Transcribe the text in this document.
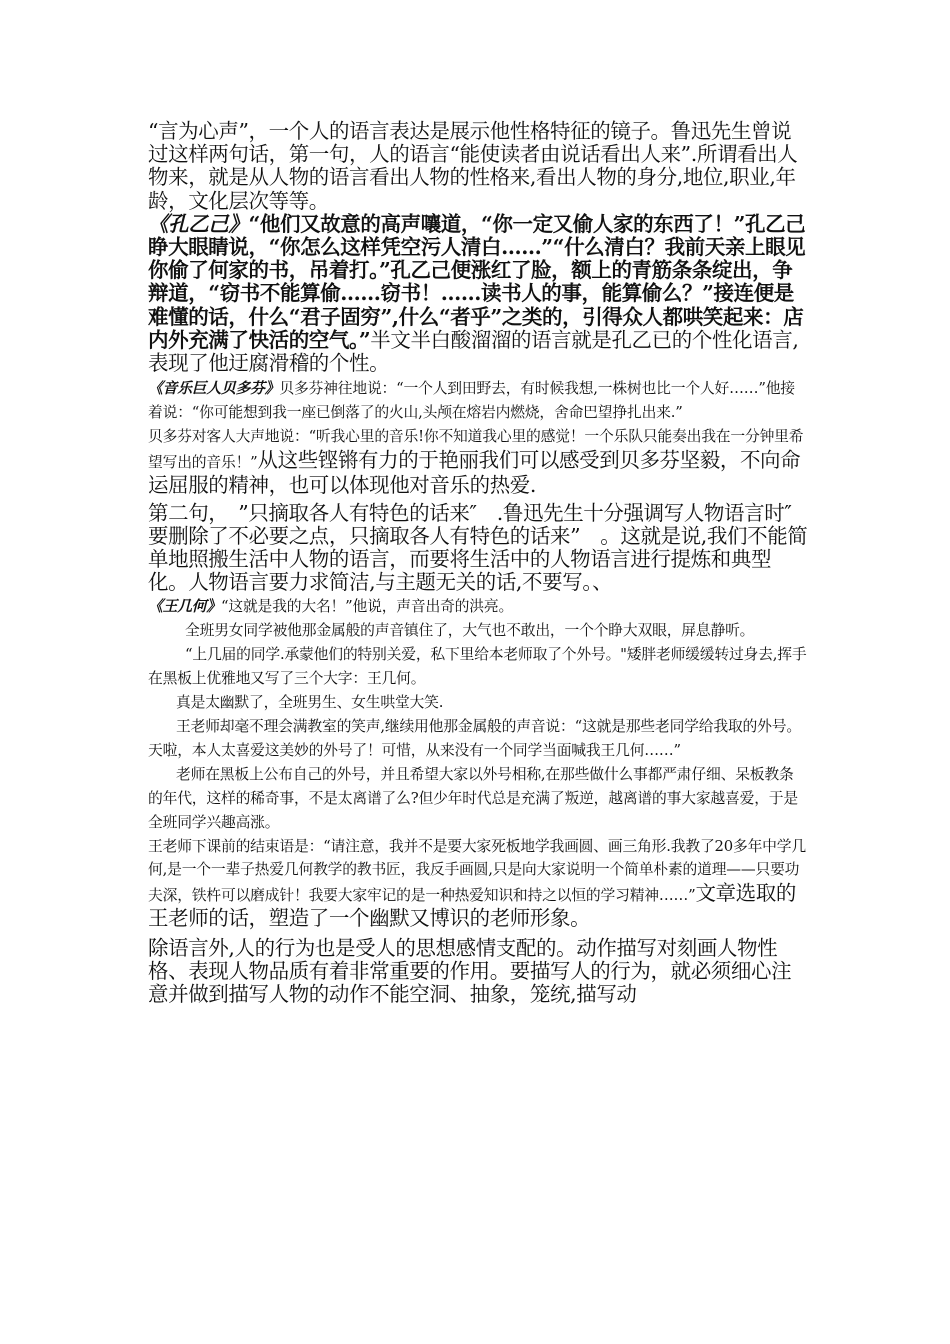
“言为心声”，一个人的语言表达是展示他性格特征的镜子。鲁迅先生曾说过这样两句话，第一句，人的语言“能使读者由说话看出人来”.所谓看出人物来，就是从人物的语言看出人物的性格来,看出人物的身分,地位,职业,年龄，文化层次等等。

《孔乙己》“他们又故意的高声嚷道，“你一定又偷人家的东西了！”孔乙己睁大眼睛说，“你怎么这样凭空污人清白……”“什么清白？我前天亲上眼见你偷了何家的书，吊着打。”孔乙己便涨红了脸，额上的青筋条条绽出，争辩道，“窃书不能算偷……窃书！……读书人的事，能算偷么？”接连便是难懂的话，什么“君子固穷”,什么“者乎”之类的，引得众人都哄笑起来：店内外充满了快活的空气。”半文半白酸溜溜的语言就是孔乙已的个性化语言,表现了他迂腐滑稽的个性。

《音乐巨人贝多芬》贝多芬神往地说：“一个人到田野去，有时候我想,一株树也比一个人好……”他接着说：“你可能想到我一座已倒落了的火山,头颅在熔岩内燃烧，舍命巴望挣扎出来.”

贝多芬对客人大声地说：“听我心里的音乐!你不知道我心里的感觉！一个乐队只能奏出我在一分钟里希望写出的音乐！”从这些铿锵有力的于艳丽我们可以感受到贝多芬坚毅，不向命运屈服的精神，也可以体现他对音乐的热爱.

第二句，　”只摘取各人有特色的话来″　.鲁迅先生十分强调写人物语言时″要删除了不必要之点，只摘取各人有特色的话来”　。这就是说,我们不能简单地照搬生活中人物的语言，而要将生活中的人物语言进行提炼和典型化。人物语言要力求简洁,与主题无关的话,不要写。、

《王几何》“这就是我的大名！”他说，声音出奇的洪亮。

全班男女同学被他那金属般的声音镇住了，大气也不敢出，一个个睁大双眼，屏息静听。

“上几届的同学.承蒙他们的特别关爱，私下里给本老师取了个外号。"矮胖老师缓缓转过身去,挥手在黑板上优雅地又写了三个大字：王几何。

真是太幽默了，全班男生、女生哄堂大笑.

王老师却毫不理会满教室的笑声,继续用他那金属般的声音说：“这就是那些老同学给我取的外号。天啦，本人太喜爱这美妙的外号了！可惜，从来没有一个同学当面喊我王几何……”

老师在黑板上公布自己的外号，并且希望大家以外号相称,在那些做什么事都严肃仔细、呆板教条的年代，这样的稀奇事，不是太离谱了么?但少年时代总是充满了叛逆，越离谱的事大家越喜爱，于是全班同学兴趣高涨。

王老师下课前的结束语是：“请注意，我并不是要大家死板地学我画圆、画三角形.我教了20多年中学几何,是一个一辈子热爱几何教学的教书匠，我反手画圆,只是向大家说明一个简单朴素的道理——只要功夫深，铁杵可以磨成针！我要大家牢记的是一种热爱知识和持之以恒的学习精神……”文章选取的王老师的话，塑造了一个幽默又博识的老师形象。

除语言外,人的行为也是受人的思想感情支配的。动作描写对刻画人物性格、表现人物品质有着非常重要的作用。要描写人的行为，就必须细心注意并做到描写人物的动作不能空洞、抽象，笼统,描写动
